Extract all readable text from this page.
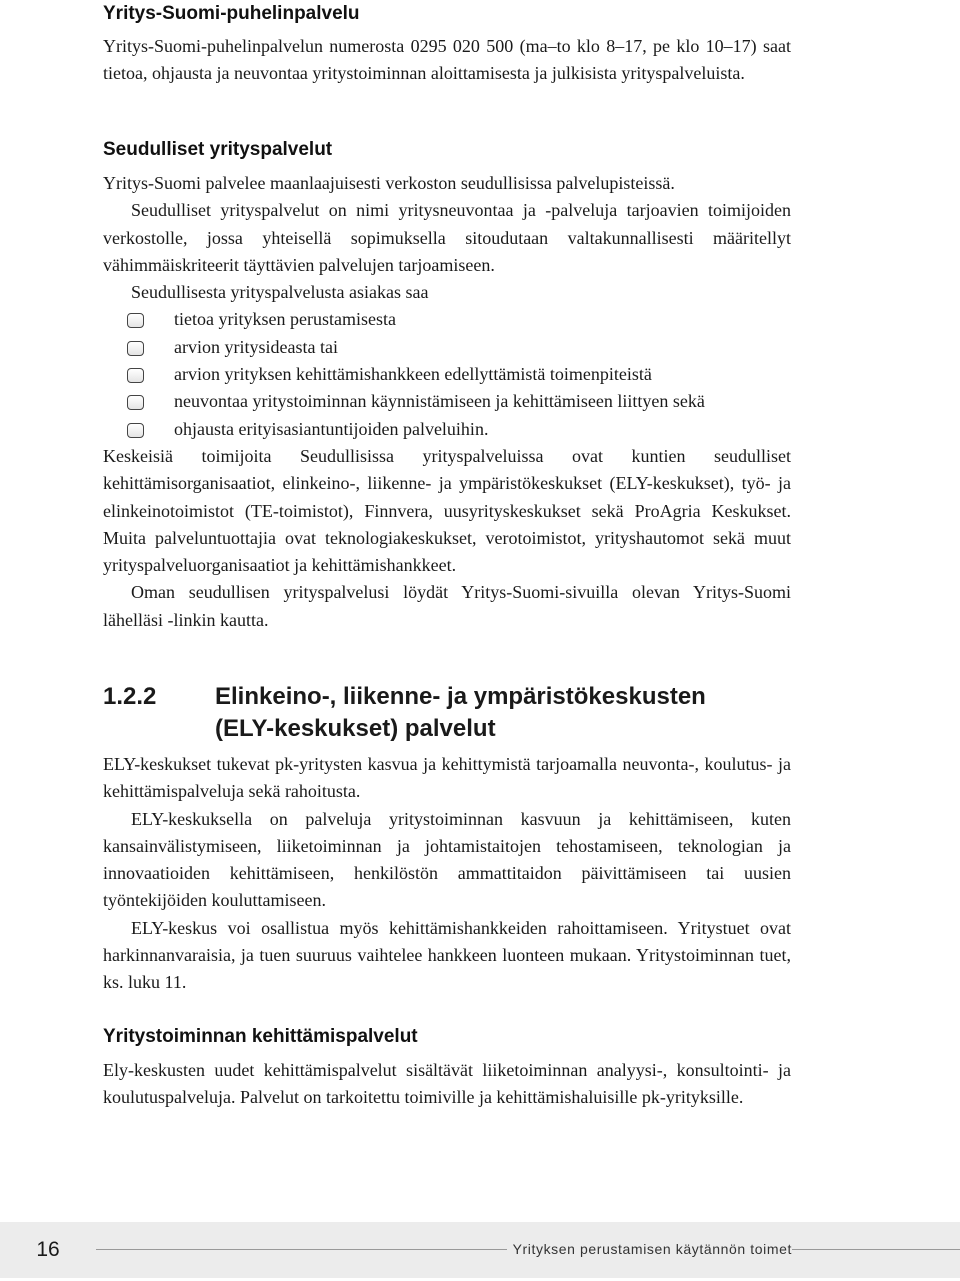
Yritys-Suomi-puhelinpalvelu

Yritys-Suomi-puhelinpalvelun numerosta 0295 020 500 (ma–to klo 8–17, pe klo 10–17) saat tietoa, ohjausta ja neuvontaa yritystoiminnan aloittamisesta ja julkisista yrityspalveluista.

Seudulliset yrityspalvelut

Yritys-Suomi palvelee maanlaajuisesti verkoston seudullisissa palvelupisteissä.

Seudulliset yrityspalvelut on nimi yritysneuvontaa ja -palveluja tarjoavien toimijoiden verkostolle, jossa yhteisellä sopimuksella sitoudutaan valtakunnallisesti määritellyt vähimmäiskriteerit täyttävien palvelujen tarjoamiseen.

Seudullisesta yrityspalvelusta asiakas saa

tietoa yrityksen perustamisesta
arvion yritysideasta tai
arvion yrityksen kehittämishankkeen edellyttämistä toimenpiteistä
neuvontaa yritystoiminnan käynnistämiseen ja kehittämiseen liittyen sekä
ohjausta erityisasiantuntijoiden palveluihin.

Keskeisiä toimijoita Seudullisissa yrityspalveluissa ovat kuntien seudulliset kehittämisorganisaatiot, elinkeino-, liikenne- ja ympäristökeskukset (ELY-keskukset), työ- ja elinkeinotoimistot (TE-toimistot), Finnvera, uusyrityskeskukset sekä ProAgria Keskukset. Muita palveluntuottajia ovat teknologiakeskukset, verotoimistot, yrityshautomot sekä muut yrityspalveluorganisaatiot ja kehittämishankkeet.

Oman seudullisen yrityspalvelusi löydät Yritys-Suomi-sivuilla olevan Yritys-Suomi lähelläsi -linkin kautta.

1.2.2 Elinkeino-, liikenne- ja ympäristökeskusten
(ELY-keskukset) palvelut

ELY-keskukset tukevat pk-yritysten kasvua ja kehittymistä tarjoamalla neuvonta-, koulutus- ja kehittämispalveluja sekä rahoitusta.

ELY-keskuksella on palveluja yritystoiminnan kasvuun ja kehittämiseen, kuten kansainvälistymiseen, liiketoiminnan ja johtamistaitojen tehostamiseen, teknologian ja innovaatioiden kehittämiseen, henkilöstön ammattitaidon päivittämiseen tai uusien työntekijöiden kouluttamiseen.

ELY-keskus voi osallistua myös kehittämishankkeiden rahoittamiseen. Yritystuet ovat harkinnanvaraisia, ja tuen suuruus vaihtelee hankkeen luonteen mukaan. Yritystoiminnan tuet, ks. luku 11.

Yritystoiminnan kehittämispalvelut

Ely-keskusten uudet kehittämispalvelut sisältävät liiketoiminnan analyysi-, konsultointi- ja koulutuspalveluja. Palvelut on tarkoitettu toimiville ja kehittämishaluisille pk-yrityksille.

16	Yrityksen perustamisen käytännön toimet
